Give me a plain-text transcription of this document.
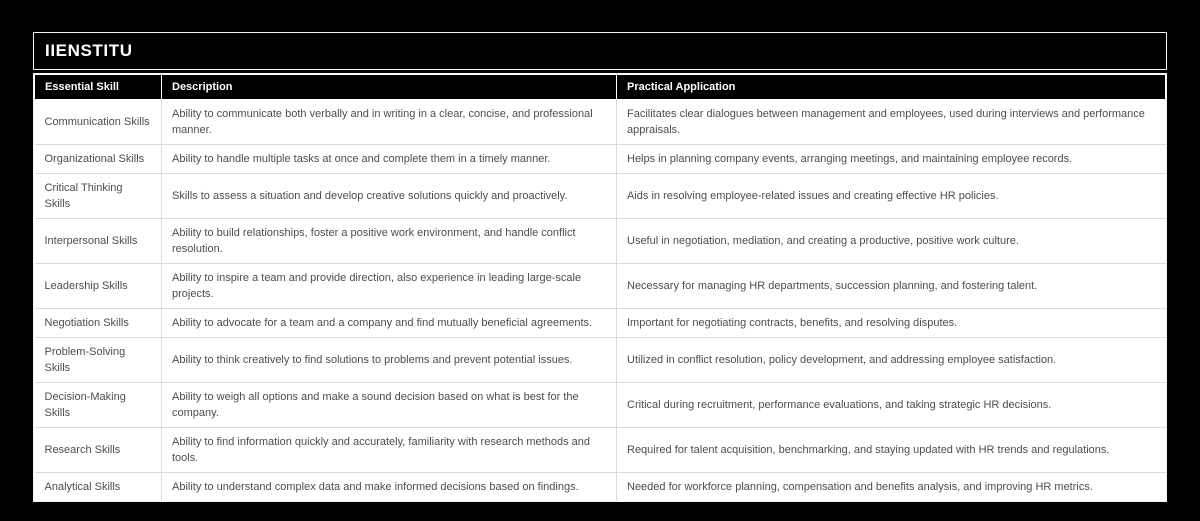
IIENSTITU
Essential Skill	Description	Practical Application
Communication Skills	Ability to communicate both verbally and in writing in a clear, concise, and professional manner.	Facilitates clear dialogues between management and employees, used during interviews and performance appraisals.
Organizational Skills	Ability to handle multiple tasks at once and complete them in a timely manner.	Helps in planning company events, arranging meetings, and maintaining employee records.
Critical Thinking Skills	Skills to assess a situation and develop creative solutions quickly and proactively.	Aids in resolving employee-related issues and creating effective HR policies.
Interpersonal Skills	Ability to build relationships, foster a positive work environment, and handle conflict resolution.	Useful in negotiation, mediation, and creating a productive, positive work culture.
Leadership Skills	Ability to inspire a team and provide direction, also experience in leading large-scale projects.	Necessary for managing HR departments, succession planning, and fostering talent.
Negotiation Skills	Ability to advocate for a team and a company and find mutually beneficial agreements.	Important for negotiating contracts, benefits, and resolving disputes.
Problem-Solving Skills	Ability to think creatively to find solutions to problems and prevent potential issues.	Utilized in conflict resolution, policy development, and addressing employee satisfaction.
Decision-Making Skills	Ability to weigh all options and make a sound decision based on what is best for the company.	Critical during recruitment, performance evaluations, and taking strategic HR decisions.
Research Skills	Ability to find information quickly and accurately, familiarity with research methods and tools.	Required for talent acquisition, benchmarking, and staying updated with HR trends and regulations.
Analytical Skills	Ability to understand complex data and make informed decisions based on findings.	Needed for workforce planning, compensation and benefits analysis, and improving HR metrics.
